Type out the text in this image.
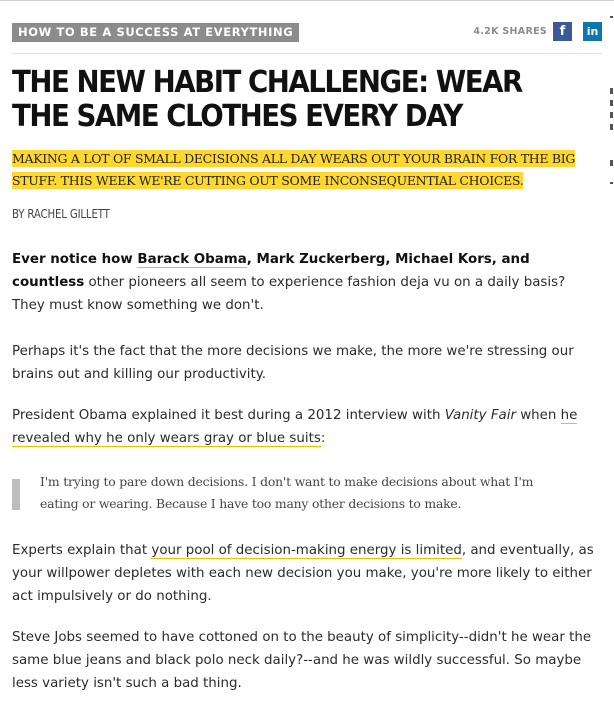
HOW TO BE A SUCCESS AT EVERYTHING	4.2K SHARES f	in
THE NEW HABIT CHALLENGE: WEAR THE SAME CLOTHES EVERY DAY

MAKING A LOT OF SMALL DECISIONS ALL DAY WEARS OUT YOUR BRAIN FOR THE BIG STUFF. THIS WEEK WE'RE CUTTING OUT SOME INCONSEQUENTIAL CHOICES.

BY RACHEL GILLETT

Ever notice how Barack Obama, Mark Zuckerberg, Michael Kors, and countless other pioneers all seem to experience fashion deja vu on a daily basis? They must know something we don't.

Perhaps it's the fact that the more decisions we make, the more we're stressing our brains out and killing our productivity.

President Obama explained it best during a 2012 interview with Vanity Fair when he revealed why he only wears gray or blue suits:

I'm trying to pare down decisions. I don't want to make decisions about what I'm eating or wearing. Because I have too many other decisions to make.

Experts explain that your pool of decision-making energy is limited, and eventually, as your willpower depletes with each new decision you make, you're more likely to either act impulsively or do nothing.

Steve Jobs seemed to have cottoned on to the beauty of simplicity--didn't he wear the same blue jeans and black polo neck daily?--and he was wildly successful. So maybe less variety isn't such a bad thing.
